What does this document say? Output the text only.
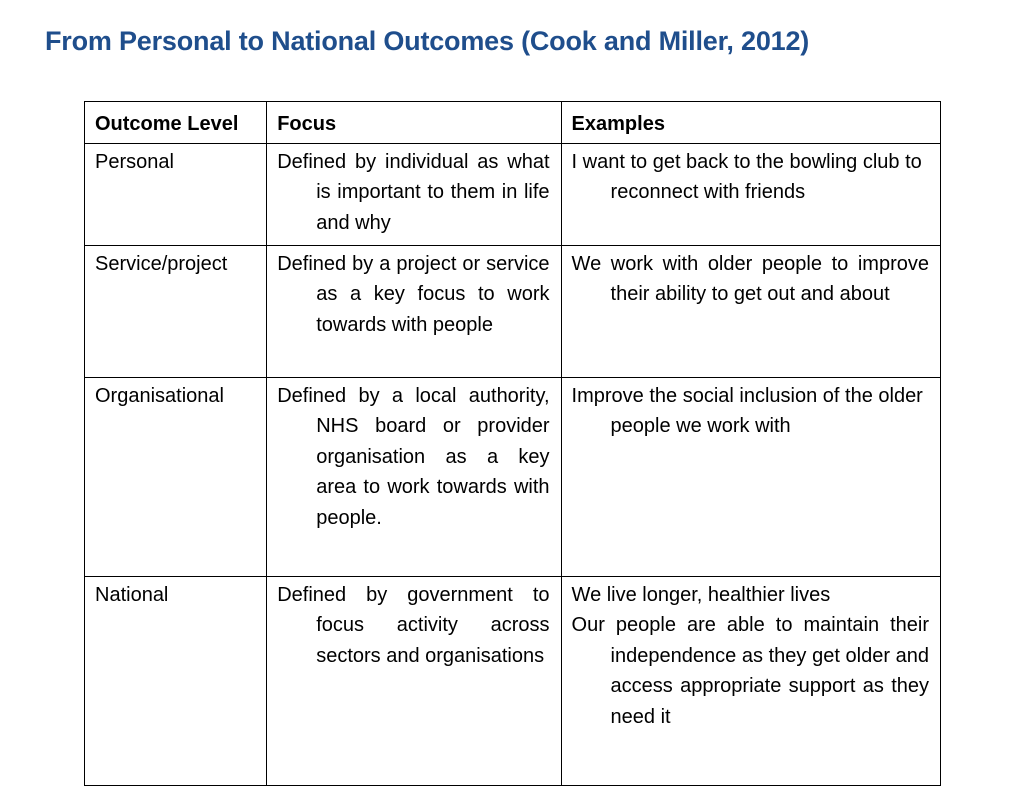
From Personal to National Outcomes (Cook and Miller, 2012)
Outcome Level	Focus	Examples

Personal	Defined by individual as what is important to them in life and why	I want to get back to the bowling club to reconnect with friends

Service/project	Defined by a project or service as a key focus to work towards with people	We work with older people to improve their ability to get out and about

Organisational	Defined by a local authority, NHS board or provider organisation as a key area to work towards with people.	Improve the social inclusion of the older people we work with

National	Defined by government to focus activity across sectors and organisations	We live longer, healthier lives
Our people are able to maintain their independence as they get older and access appropriate support as they need it
